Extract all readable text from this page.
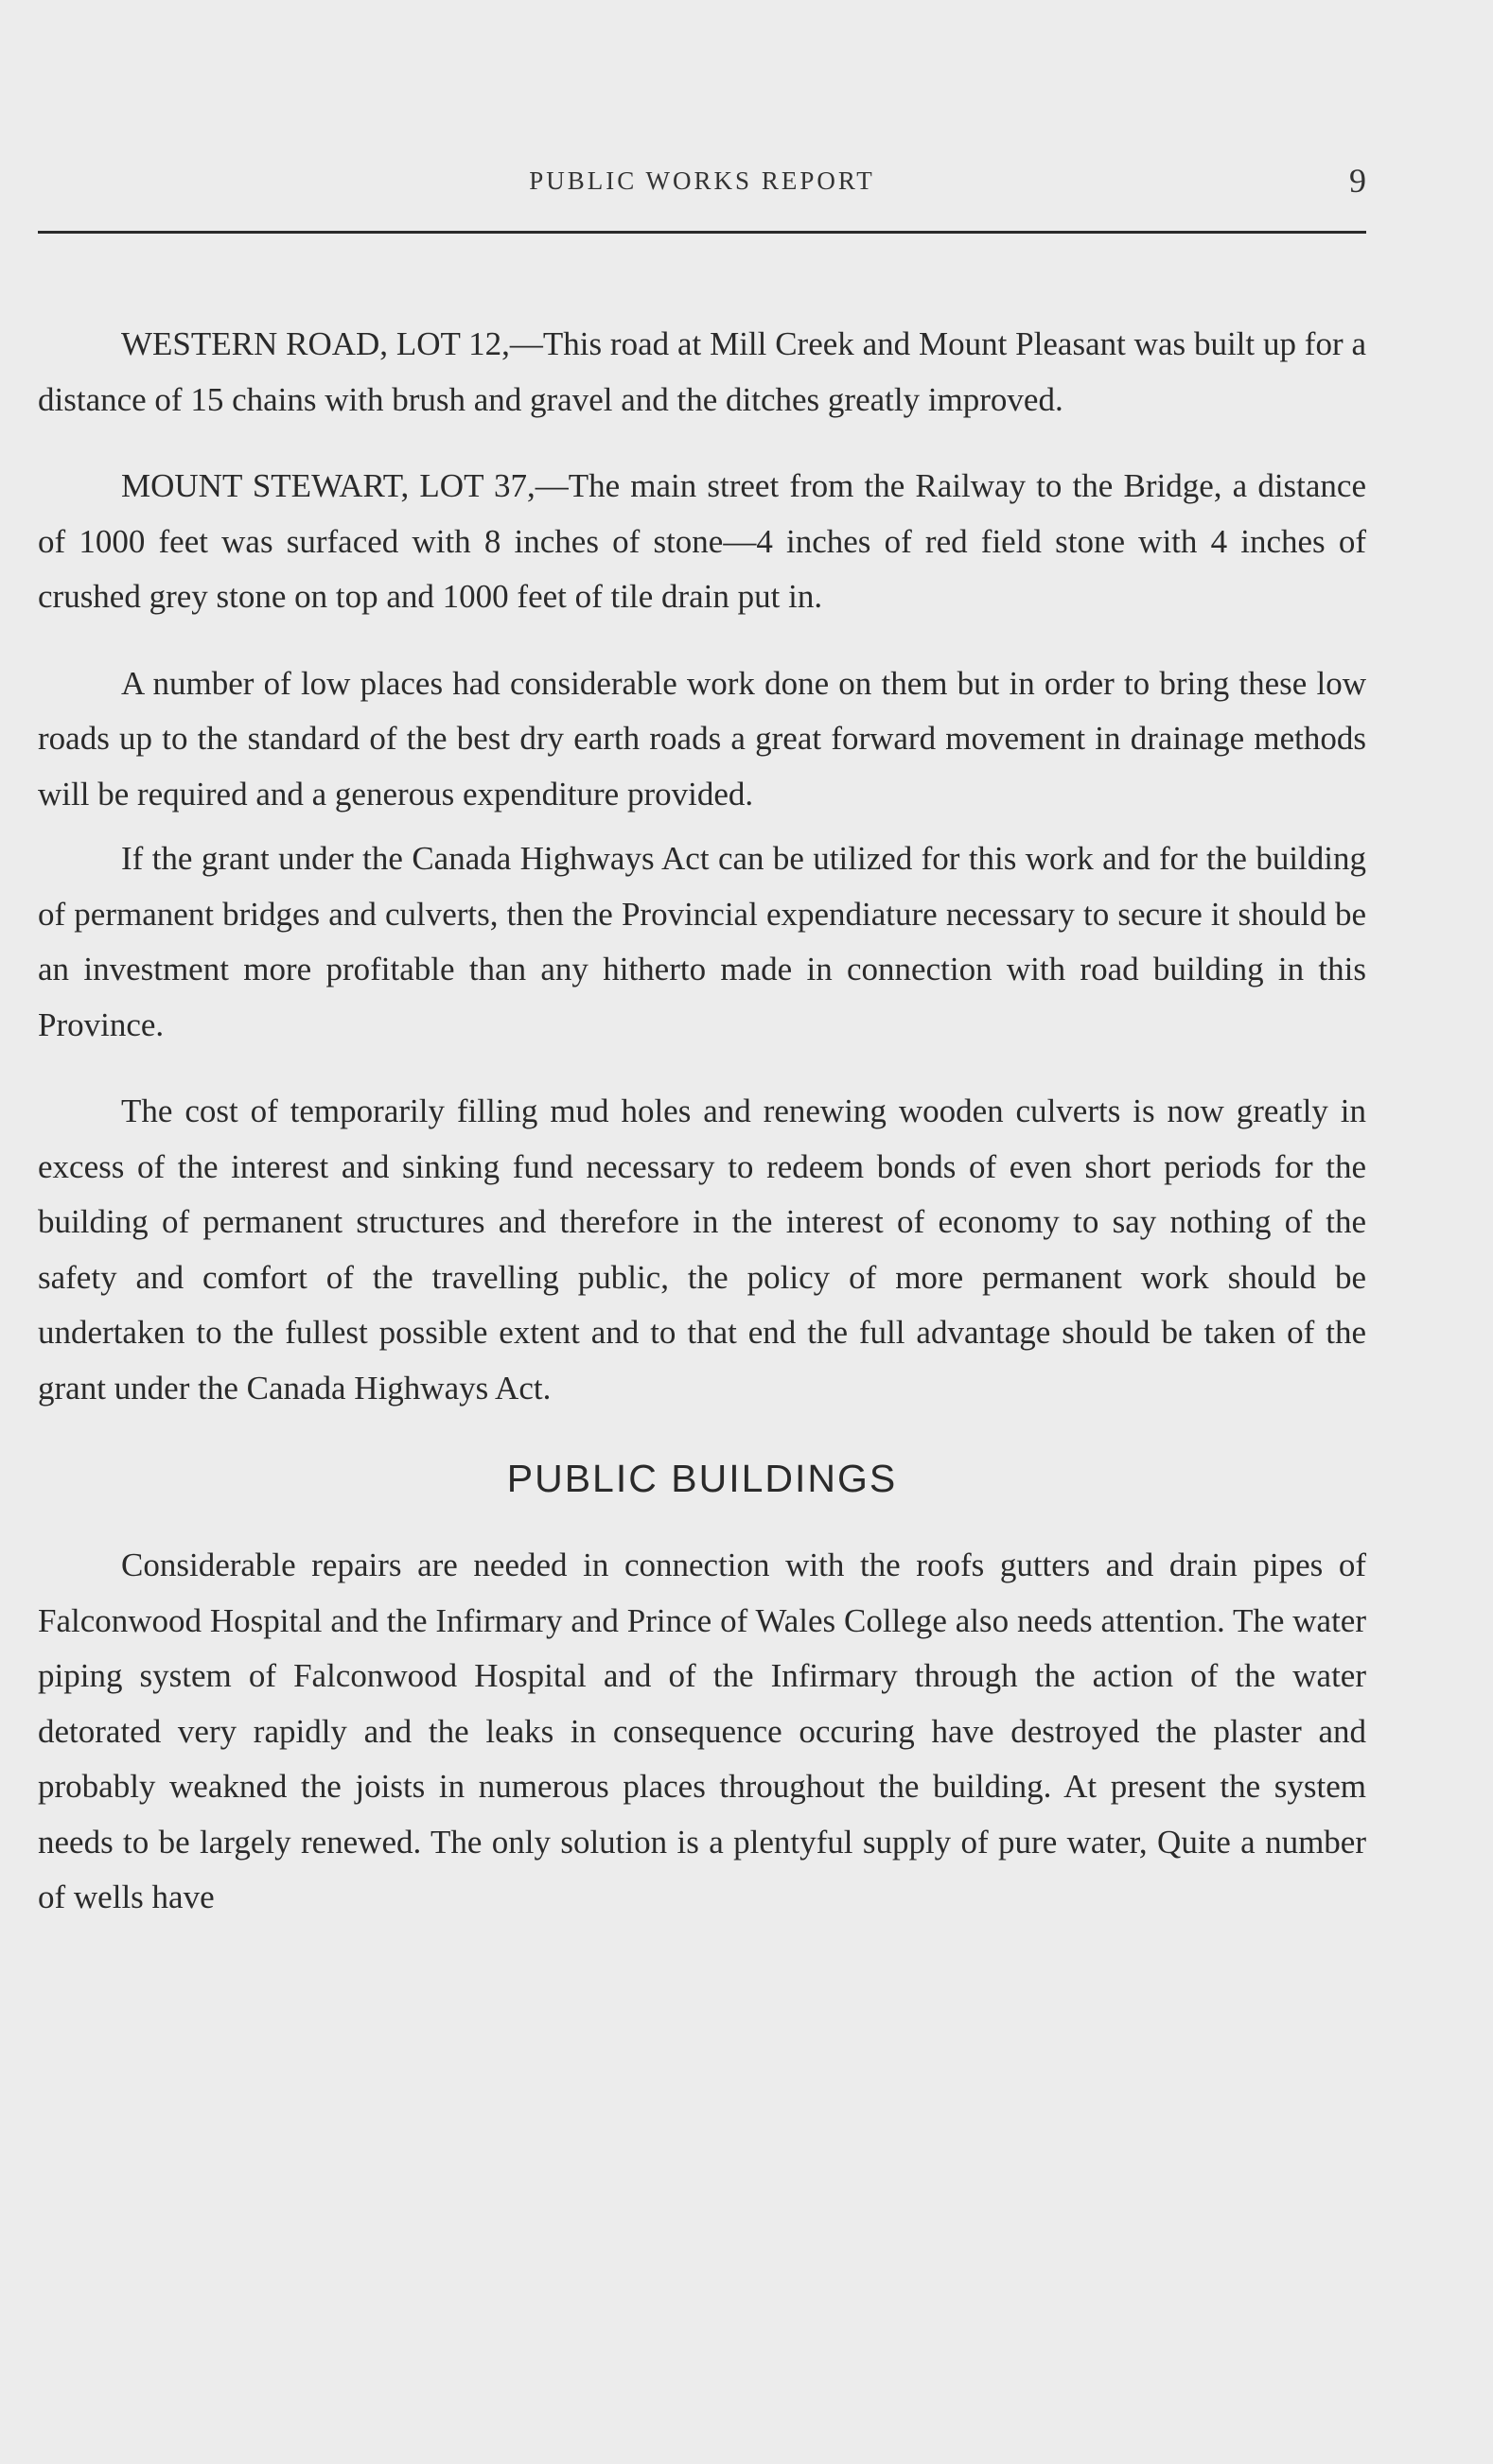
PUBLIC WORKS REPORT	9

WESTERN ROAD, LOT 12,—This road at Mill Creek and Mount Pleasant was built up for a distance of 15 chains with brush and gravel and the ditches greatly improved.

MOUNT STEWART, LOT 37,—The main street from the Railway to the Bridge, a distance of 1000 feet was surfaced with 8 inches of stone—4 inches of red field stone with 4 inches of crushed grey stone on top and 1000 feet of tile drain put in.

A number of low places had considerable work done on them but in order to bring these low roads up to the standard of the best dry earth roads a great forward movement in drainage methods will be required and a generous expenditure provided.

If the grant under the Canada Highways Act can be utilized for this work and for the building of permanent bridges and culverts, then the Provincial expendiature necessary to secure it should be an investment more profitable than any hitherto made in connection with road building in this Province.

The cost of temporarily filling mud holes and renewing wooden culverts is now greatly in excess of the interest and sinking fund necessary to redeem bonds of even short periods for the building of permanent structures and therefore in the interest of economy to say nothing of the safety and comfort of the travelling public, the policy of more permanent work should be undertaken to the fullest possible extent and to that end the full advantage should be taken of the grant under the Canada Highways Act.

PUBLIC BUILDINGS

Considerable repairs are needed in connection with the roofs gutters and drain pipes of Falconwood Hospital and the Infirmary and Prince of Wales College also needs attention. The water piping system of Falconwood Hospital and of the Infirmary through the action of the water detorated very rapidly and the leaks in consequence occuring have destroyed the plaster and probably weakned the joists in numerous places throughout the building. At present the system needs to be largely renewed. The only solution is a plentyful supply of pure water, Quite a number of wells have
